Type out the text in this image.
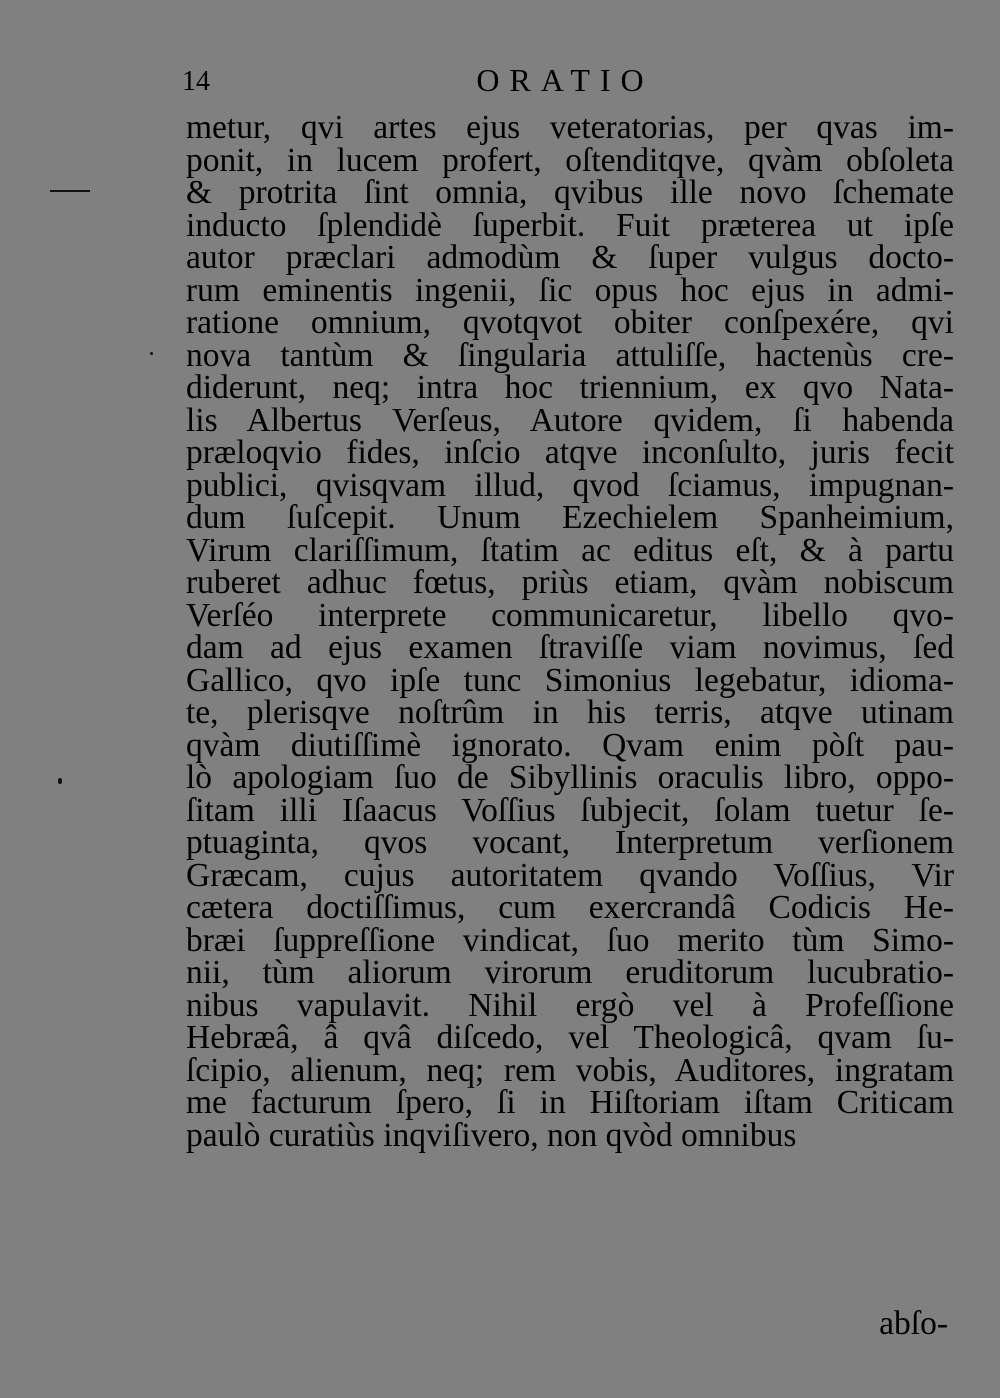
14	ORATIO
metur, qvi artes ejus veteratorias, per qvas im-
ponit, in lucem profert, oſtenditqve, qvàm obſoleta
& protrita ſint omnia, qvibus ille novo ſchemate
inducto ſplendidè ſuperbit. Fuit præterea ut ipſe
autor præclari admodùm & ſuper vulgus docto-
rum eminentis ingenii, ſic opus hoc ejus in admi-
ratione omnium, qvotqvot obiter conſpexére, qvi
nova tantùm & ſingularia attuliſſe, hactenùs cre-
diderunt, neq; intra hoc triennium, ex qvo Nata-
lis Albertus Verſeus, Autore qvidem, ſi habenda
præloqvio fides, inſcio atqve inconſulto, juris fecit
publici, qvisqvam illud, qvod ſciamus, impugnan-
dum ſuſcepit. Unum Ezechielem Spanheimium,
Virum clariſſimum, ſtatim ac editus eſt, & à partu
ruberet adhuc fœtus, priùs etiam, qvàm nobiscum
Verſéo interprete communicaretur, libello qvo-
dam ad ejus examen ſtraviſſe viam novimus, ſed
Gallico, qvo ipſe tunc Simonius legebatur, idioma-
te, plerisqve noſtrûm in his terris, atqve utinam
qvàm diutiſſimè ignorato. Qvam enim pòſt pau-
lò apologiam ſuo de Sibyllinis oraculis libro, oppo-
ſitam illi Iſaacus Voſſius ſubjecit, ſolam tuetur ſe-
ptuaginta, qvos vocant, Interpretum verſionem
Græcam, cujus autoritatem qvando Voſſius, Vir
cætera doctiſſimus, cum exercrandâ Codicis He-
bræi ſuppreſſione vindicat, ſuo merito tùm Simo-
nii, tùm aliorum virorum eruditorum lucubratio-
nibus vapulavit. Nihil ergò vel à Profeſſione
Hebræâ, â qvâ diſcedo, vel Theologicâ, qvam ſu-
ſcipio, alienum, neq; rem vobis, Auditores, ingratam
me facturum ſpero, ſi in Hiſtoriam iſtam Criticam
paulò curatiùs inqviſivero, non qvòd omnibus
abſo-
